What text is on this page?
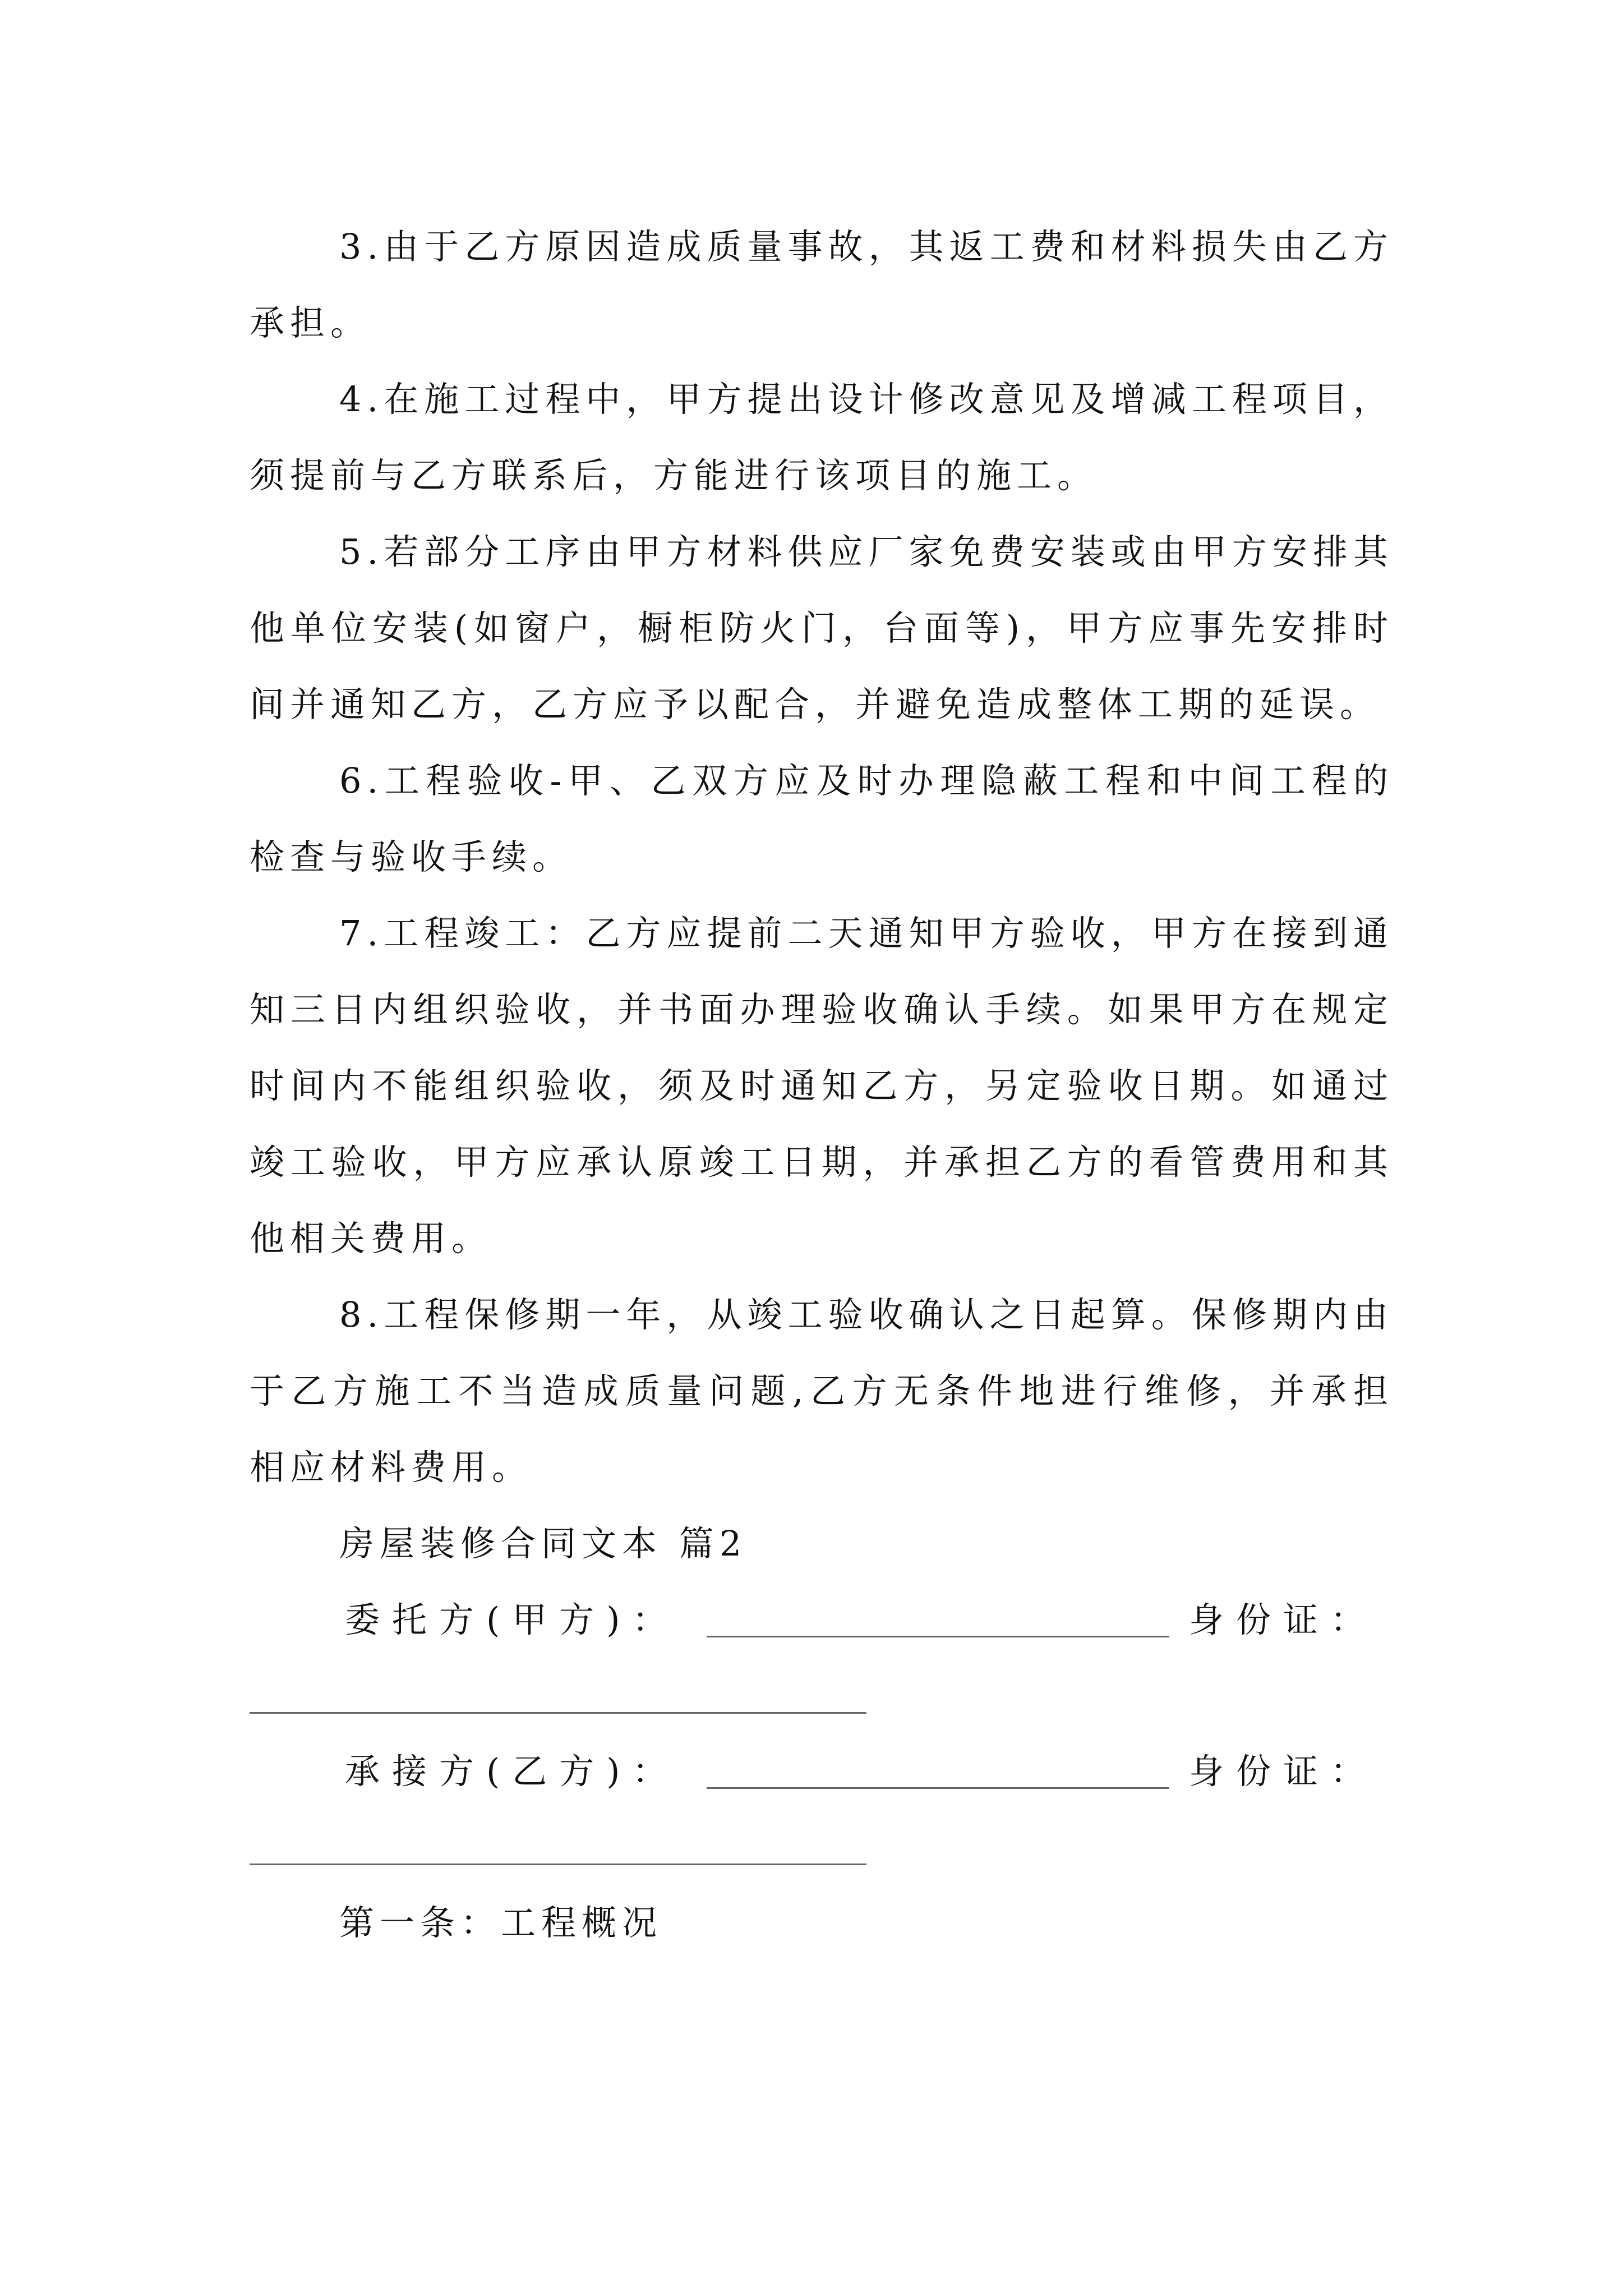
3.由于乙方原因造成质量事故，其返工费和材料损失由乙方承担。

4.在施工过程中，甲方提出设计修改意见及增减工程项目，须提前与乙方联系后，方能进行该项目的施工。

5.若部分工序由甲方材料供应厂家免费安装或由甲方安排其他单位安装(如窗户，橱柜防火门，台面等)，甲方应事先安排时间并通知乙方，乙方应予以配合，并避免造成整体工期的延误。

6.工程验收-甲、乙双方应及时办理隐蔽工程和中间工程的检查与验收手续。

7.工程竣工：乙方应提前二天通知甲方验收，甲方在接到通知三日内组织验收，并书面办理验收确认手续。如果甲方在规定时间内不能组织验收，须及时通知乙方，另定验收日期。如通过竣工验收，甲方应承认原竣工日期，并承担乙方的看管费用和其他相关费用。

8.工程保修期一年，从竣工验收确认之日起算。保修期内由于乙方施工不当造成质量问题,乙方无条件地进行维修，并承担相应材料费用。

房屋装修合同文本 篇2

委托方(甲方)：	身份证：
承接方(乙方)：	身份证：

第一条：工程概况
